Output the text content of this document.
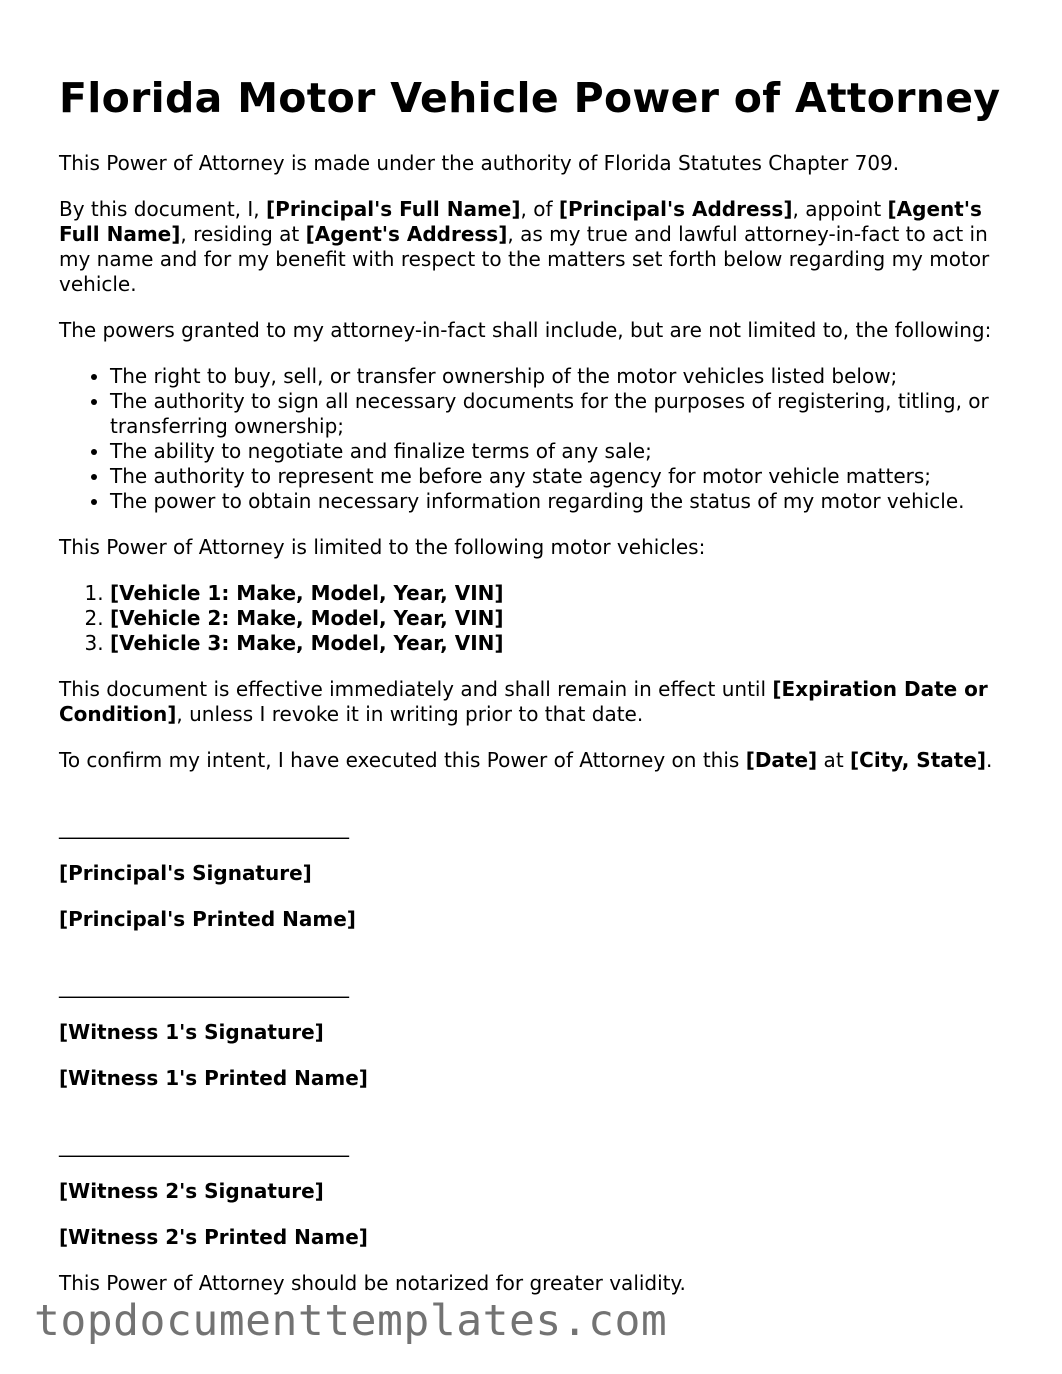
Florida Motor Vehicle Power of Attorney

This Power of Attorney is made under the authority of Florida Statutes Chapter 709.

By this document, I, [Principal's Full Name], of [Principal's Address], appoint [Agent's Full Name], residing at [Agent's Address], as my true and lawful attorney-in-fact to act in my name and for my benefit with respect to the matters set forth below regarding my motor vehicle.

The powers granted to my attorney-in-fact shall include, but are not limited to, the following:

• The right to buy, sell, or transfer ownership of the motor vehicles listed below;
• The authority to sign all necessary documents for the purposes of registering, titling, or transferring ownership;
• The ability to negotiate and finalize terms of any sale;
• The authority to represent me before any state agency for motor vehicle matters;
• The power to obtain necessary information regarding the status of my motor vehicle.

This Power of Attorney is limited to the following motor vehicles:

1. [Vehicle 1: Make, Model, Year, VIN]
2. [Vehicle 2: Make, Model, Year, VIN]
3. [Vehicle 3: Make, Model, Year, VIN]

This document is effective immediately and shall remain in effect until [Expiration Date or Condition], unless I revoke it in writing prior to that date.

To confirm my intent, I have executed this Power of Attorney on this [Date] at [City, State].

_____________________________

[Principal's Signature]

[Principal's Printed Name]

_____________________________

[Witness 1's Signature]

[Witness 1's Printed Name]

_____________________________

[Witness 2's Signature]

[Witness 2's Printed Name]

This Power of Attorney should be notarized for greater validity.

topdocumenttemplates.com
